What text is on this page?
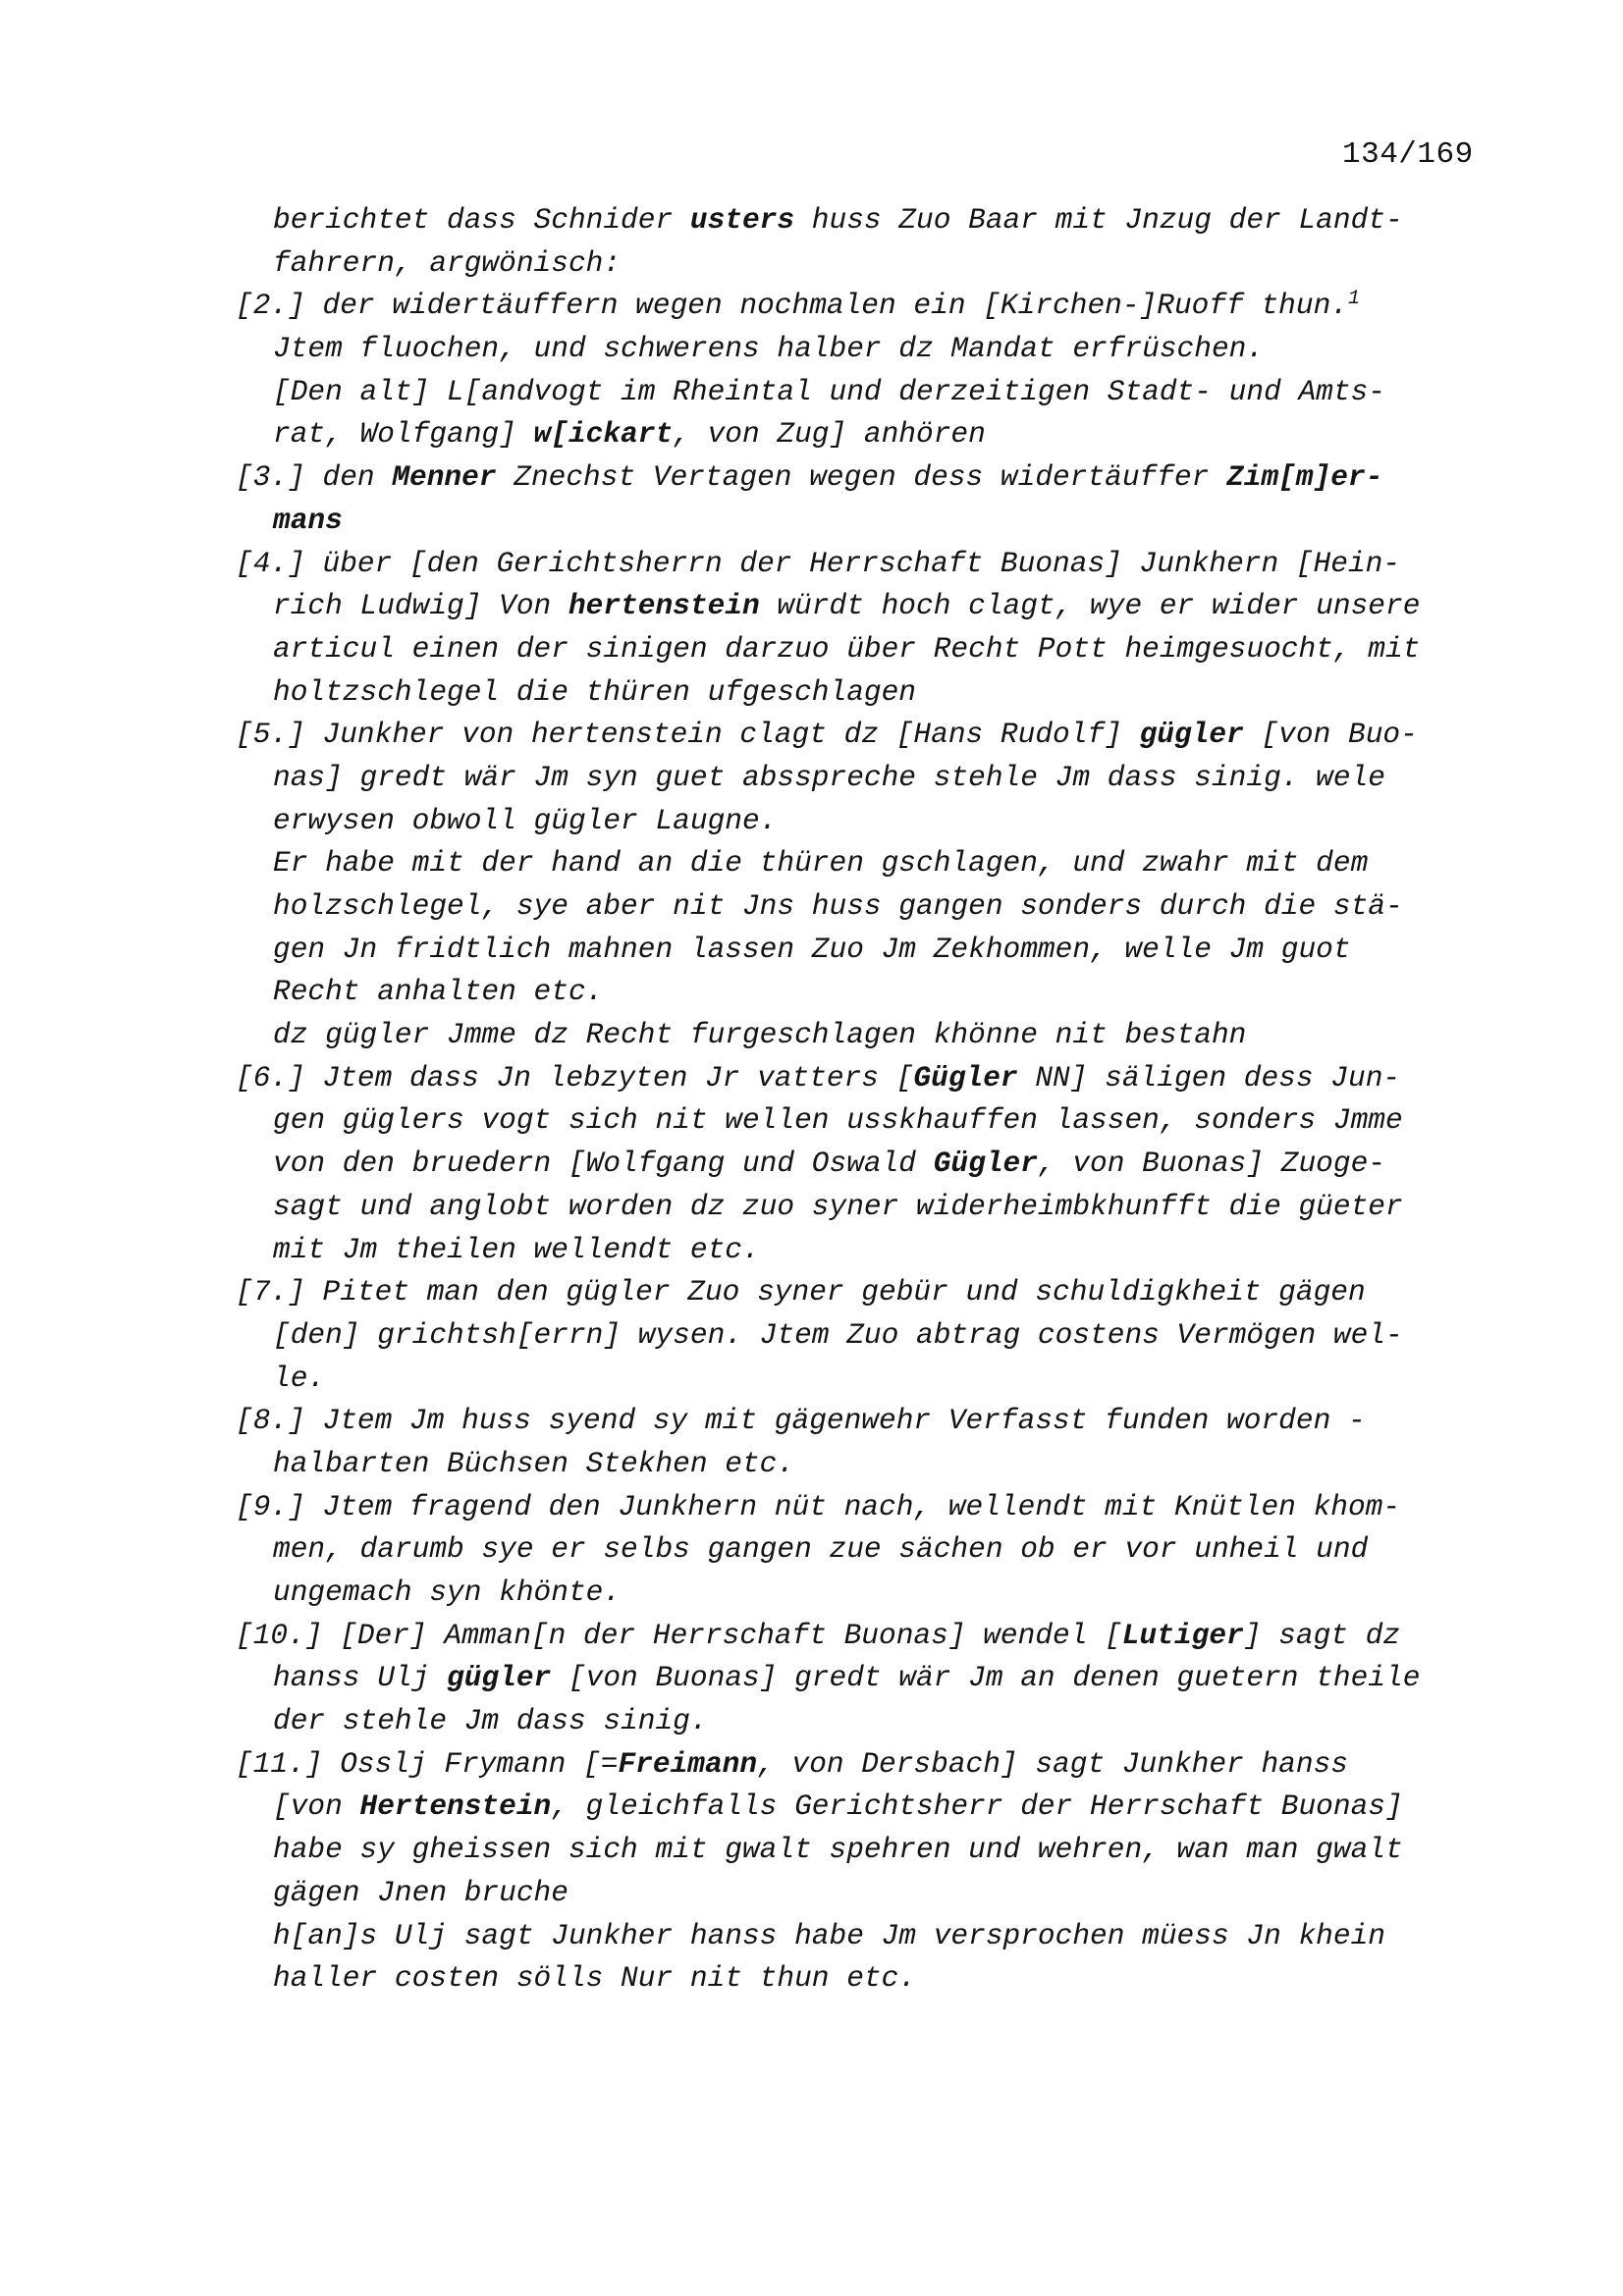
134/169
berichtet dass Schnider usters huss Zuo Baar mit Jnzug der Landt-
fahrern, argwönisch:
[2.] der widertäuffern wegen nochmalen ein [Kirchen-]Ruoff thun.$^1$
Jtem fluochen, und schwerens halber dz Mandat erfrüschen.
[Den alt] L[andvogt im Rheintal und derzeitigen Stadt- und Amts-
rat, Wolfgang] w[ickart, von Zug] anhören
[3.] den Menner Znechst Vertagen wegen dess widertäuffer Zim[m]er-
mans
[4.] über [den Gerichtsherrn der Herrschaft Buonas] Junkhern [Hein-
rich Ludwig] Von hertenstein würdt hoch clagt, wye er wider unsere
articul einen der sinigen darzuo über Recht Pott heimgesuocht, mit
holtzschlegel die thüren ufgeschlagen
[5.] Junkher von hertenstein clagt dz [Hans Rudolf] gügler [von Buo-
nas] gredt wär Jm syn guet absspreche stehle Jm dass sinig. wele
erwysen obwoll gügler Laugne.
Er habe mit der hand an die thüren gschlagen, und zwahr mit dem
holzschlegel, sye aber nit Jns huss gangen sonders durch die stä-
gen Jn fridtlich mahnen lassen Zuo Jm Zekhommen, welle Jm guot
Recht anhalten etc.
dz gügler Jmme dz Recht furgeschlagen khönne nit bestahn
[6.] Jtem dass Jn lebzyten Jr vatters [Gügler NN] säligen dess Jun-
gen güglers vogt sich nit wellen usskhauffen lassen, sonders Jmme
von den bruedern [Wolfgang und Oswald Gügler, von Buonas] Zuoge-
sagt und anglobt worden dz zuo syner widerheimbkhunfft die güeter
mit Jm theilen wellendt etc.
[7.] Pitet man den gügler Zuo syner gebür und schuldigkheit gägen
[den] grichtsh[errn] wysen. Jtem Zuo abtrag costens Vermögen wel-
le.
[8.] Jtem Jm huss syend sy mit gägenwehr Verfasst funden worden -
halbarten Büchsen Stekhen etc.
[9.] Jtem fragend den Junkhern nüt nach, wellendt mit Knütlen khom-
men, darumb sye er selbs gangen zue sächen ob er vor unheil und
ungemach syn khönte.
[10.] [Der] Amman[n der Herrschaft Buonas] wendel [Lutiger] sagt dz
hanss Ulj gügler [von Buonas] gredt wär Jm an denen guetern theile
der stehle Jm dass sinig.
[11.] Osslj Frymann [=Freimann, von Dersbach] sagt Junkher hanss
[von Hertenstein, gleichfalls Gerichtsherr der Herrschaft Buonas]
habe sy gheissen sich mit gwalt spehren und wehren, wan man gwalt
gägen Jnen bruche
h[an]s Ulj sagt Junkher hanss habe Jm versprochen müess Jn khein
haller costen sölls Nur nit thun etc.
